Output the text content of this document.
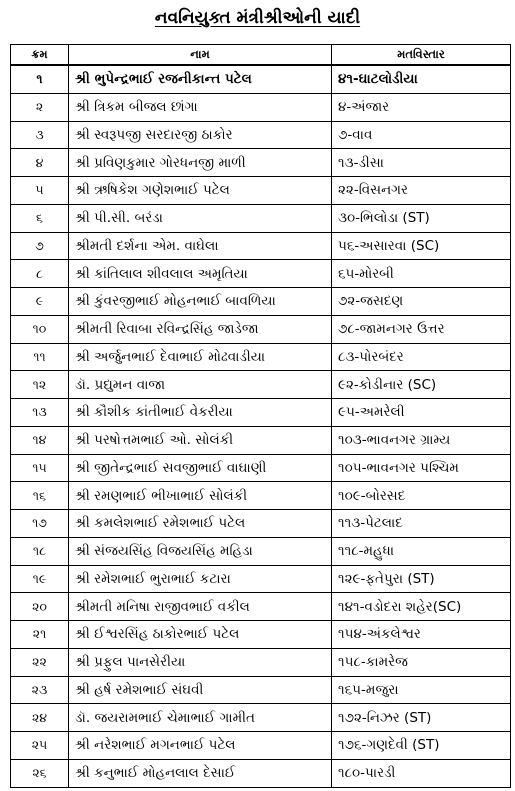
નવનિયુક્ત મંત્રીશ્રીઓની યાદી
ક્રમ	નામ	મતવિસ્તાર
૧	શ્રી ભુપેન્દ્રભાઈ રજનીકાન્ત પટેલ	૪૧-ઘાટલોડીયા
૨	શ્રી ત્રિકમ બીજલ છાંગા	૪-અંજાર
૩	શ્રી સ્વરૂપજી સરદારજી ઠાકોર	૭-વાવ
૪	શ્રી પ્રવિણકુમાર ગોરધનજી માળી	૧૩-ડીસા
૫	શ્રી ઋષિકેશ ગણેશભાઈ પટેલ	૨૨-વિસનગર
૬	શ્રી પી.સી. બરંડા	૩૦-ભિલોડા (ST)
૭	શ્રીમતી દર્શના એમ. વાઘેલા	૫૬-અસારવા (SC)
૮	શ્રી કાંતિલાલ શીવલાલ અમૃતિયા	૬૫-મોરબી
૯	શ્રી કુંવરજીભાઈ મોહનભાઈ બાવળિયા	૭૨-જસદણ
૧૦	શ્રીમતી રિવાબા રવિન્દ્રસિંહ જાડેજા	૭૮-જામનગર ઉત્તર
૧૧	શ્રી અર્જુનભાઈ દેવાભાઈ મોઢવાડીયા	૮૩-પોરબંદર
૧૨	ડૉ. પ્રદ્યુમન વાજા	૯૨-કોડીનાર (SC)
૧૩	શ્રી કૌશીક કાંતીભાઈ વેકરીયા	૯૫-અમરેલી
૧૪	શ્રી પરષોત્તમભાઈ ઓ. સોલંકી	૧૦૩-ભાવનગર ગ્રામ્ય
૧૫	શ્રી જીતેન્દ્રભાઈ સવજીભાઈ વાઘાણી	૧૦૫-ભાવનગર પશ્ચિમ
૧૬	શ્રી રમણભાઈ ભીખાભાઈ સોલંકી	૧૦૯-બોરસદ
૧૭	શ્રી કમલેશભાઈ રમેશભાઈ પટેલ	૧૧૩-પેટલાદ
૧૮	શ્રી સંજયસિંહ વિજયસિંહ મહિડા	૧૧૮-મહુધા
૧૯	શ્રી રમેશભાઈ ભુરાભાઈ કટારા	૧૨૯-ફતેપુરા (ST)
૨૦	શ્રીમતી મનિષા રાજીવભાઈ વકીલ	૧૪૧-વડોદરા શહેર(SC)
૨૧	શ્રી ઈશ્વરસિંહ ઠાકોરભાઈ પટેલ	૧૫૪-અંકલેશ્વર
૨૨	શ્રી પ્રફુલ પાનસેરીયા	૧૫૮-કામરેજ
૨૩	શ્રી હર્ષ રમેશભાઈ સંઘવી	૧૬૫-મજુરા
૨૪	ડૉ. જયરામભાઈ ચેમાભાઈ ગામીત	૧૭૨-નિઝર (ST)
૨૫	શ્રી નરેશભાઈ મગનભાઈ પટેલ	૧૭૬-ગણદેવી (ST)
૨૬	શ્રી કનુભાઈ મોહનલાલ દેસાઈ	૧૮૦-પારડી
